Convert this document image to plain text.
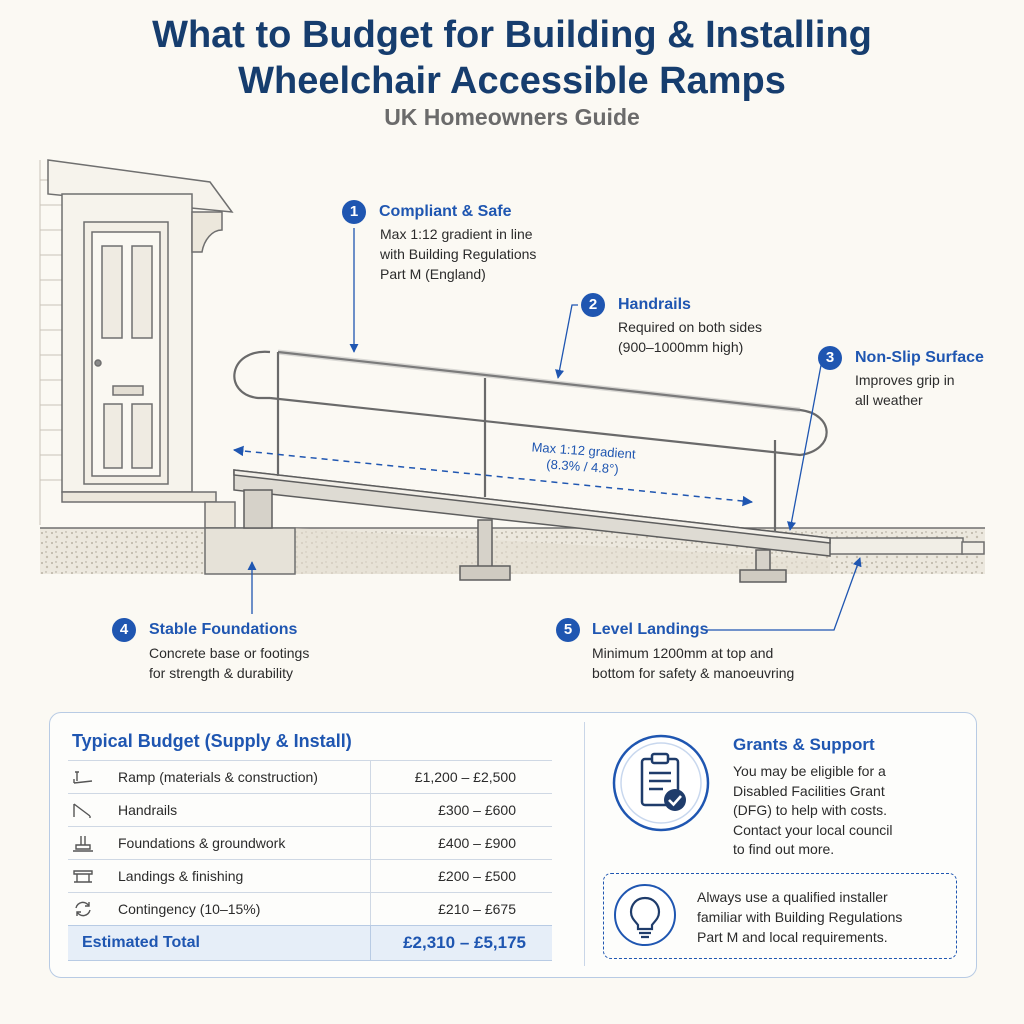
What to Budget for Building & Installing
Wheelchair Accessible Ramps
UK Homeowners Guide
Max 1:12 gradient
(8.3% / 4.8°)
1	Compliant & Safe
Max 1:12 gradient in line
with Building Regulations
Part M (England)
2	Handrails
Required on both sides
(900–1000mm high)
3	Non-Slip Surface
Improves grip in
all weather
4	Stable Foundations
Concrete base or footings
for strength & durability
5	Level Landings
Minimum 1200mm at top and
bottom for safety & manoeuvring
Typical Budget (Supply & Install)
Ramp (materials & construction)	£1,200 – £2,500
Handrails	£300 – £600
Foundations & groundwork	£400 – £900
Landings & finishing	£200 – £500
Contingency (10–15%)	£210 – £675
Estimated Total	£2,310 – £5,175
Grants & Support
You may be eligible for a
Disabled Facilities Grant
(DFG) to help with costs.
Contact your local council
to find out more.
Always use a qualified installer
familiar with Building Regulations
Part M and local requirements.
